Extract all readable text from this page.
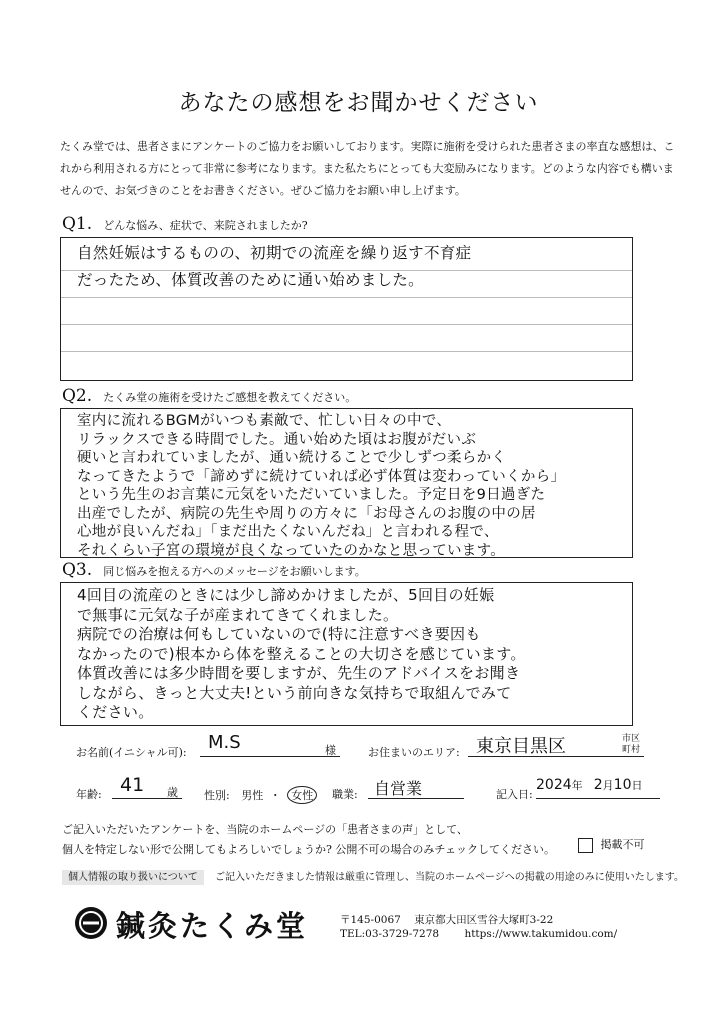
あなたの感想をお聞かせください
たくみ堂では、患者さまにアンケートのご協力をお願いしております。実際に施術を受けられた患者さまの率直な感想は、これから利用される方にとって非常に参考になります。また私たちにとっても大変励みになります。どのような内容でも構いませんので、お気づきのことをお書きください。ぜひご協力をお願い申し上げます。
Q1. どんな悩み、症状で、来院されましたか?
自然妊娠はするものの、初期での流産を繰り返す不育症
だったため、体質改善のために通い始めました。
Q2. たくみ堂の施術を受けたご感想を教えてください。
室内に流れるBGMがいつも素敵で、忙しい日々の中で、
リラックスできる時間でした。通い始めた頃はお腹がだいぶ
硬いと言われていましたが、通い続けることで少しずつ柔らかく
なってきたようで「諦めずに続けていれば必ず体質は変わっていくから」
という先生のお言葉に元気をいただいていました。予定日を9日過ぎた
出産でしたが、病院の先生や周りの方々に「お母さんのお腹の中の居
心地が良いんだね」「まだ出たくないんだね」と言われる程で、
それくらい子宮の環境が良くなっていたのかなと思っています。
Q3. 同じ悩みを抱える方へのメッセージをお願いします。
4回目の流産のときには少し諦めかけましたが、5回目の妊娠
で無事に元気な子が産まれてきてくれました。
病院での治療は何もしていないので(特に注意すべき要因も
なかったので)根本から体を整えることの大切さを感じています。
体質改善には多少時間を要しますが、先生のアドバイスをお聞き
しながら、きっと大丈夫!という前向きな気持ちで取組んでみて
ください。
お名前(イニシャル可): M.S	様	お住まいのエリア: 東京目黒区	市区
町村
年齢: 41 歳 性別: 男性 ・ 女性	職業: 自営業	記入日:
2024年 2月10日
ご記入いただいたアンケートを、当院のホームページの「患者さまの声」として、
個人を特定しない形で公開してもよろしいでしょうか? 公開不可の場合のみチェックしてください。	掲載不可
個人情報の取り扱いについて ご記入いただきました情報は厳重に管理し、当院のホームページへの掲載の用途のみに使用いたします。
鍼灸たくみ堂	〒145-0067 東京都大田区雪谷大塚町3-22
TEL:03-3729-7278 https://www.takumidou.com/
